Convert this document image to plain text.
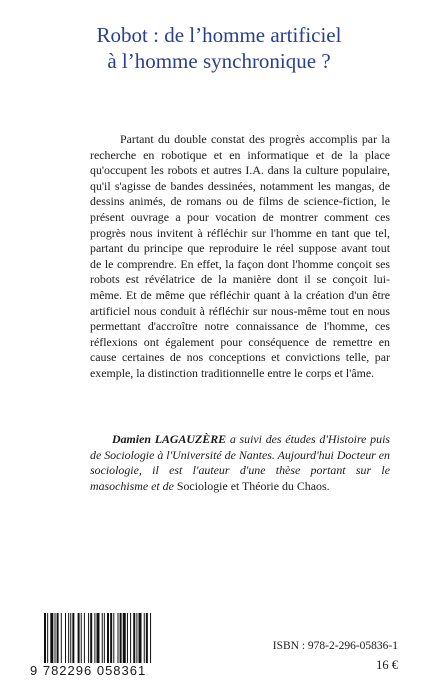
Robot : de l’homme artificiel
à l’homme synchronique ?

Partant du double constat des progrès accomplis par la recherche en robotique et en informatique et de la place qu'occupent les robots et autres I.A. dans la culture populaire, qu'il s'agisse de bandes dessinées, notamment les mangas, de dessins animés, de romans ou de films de science-fiction, le présent ouvrage a pour vocation de montrer comment ces progrès nous invitent à réfléchir sur l'homme en tant que tel, partant du principe que reproduire le réel suppose avant tout de le comprendre. En effet, la façon dont l'homme conçoit ses robots est révélatrice de la manière dont il se conçoit lui-même. Et de même que réfléchir quant à la création d'un être artificiel nous conduit à réfléchir sur nous-même tout en nous permettant d'accroître notre connaissance de l'homme, ces réflexions ont également pour conséquence de remettre en cause certaines de nos conceptions et convictions telle, par exemple, la distinction traditionnelle entre le corps et l'âme.

Damien LAGAUZÈRE a suivi des études d'Histoire puis de Sociologie à l'Université de Nantes. Aujourd'hui Docteur en sociologie, il est l'auteur d'une thèse portant sur le masochisme et de Sociologie et Théorie du Chaos.

9 782296 058361
ISBN : 978-2-296-05836-1
16 €
